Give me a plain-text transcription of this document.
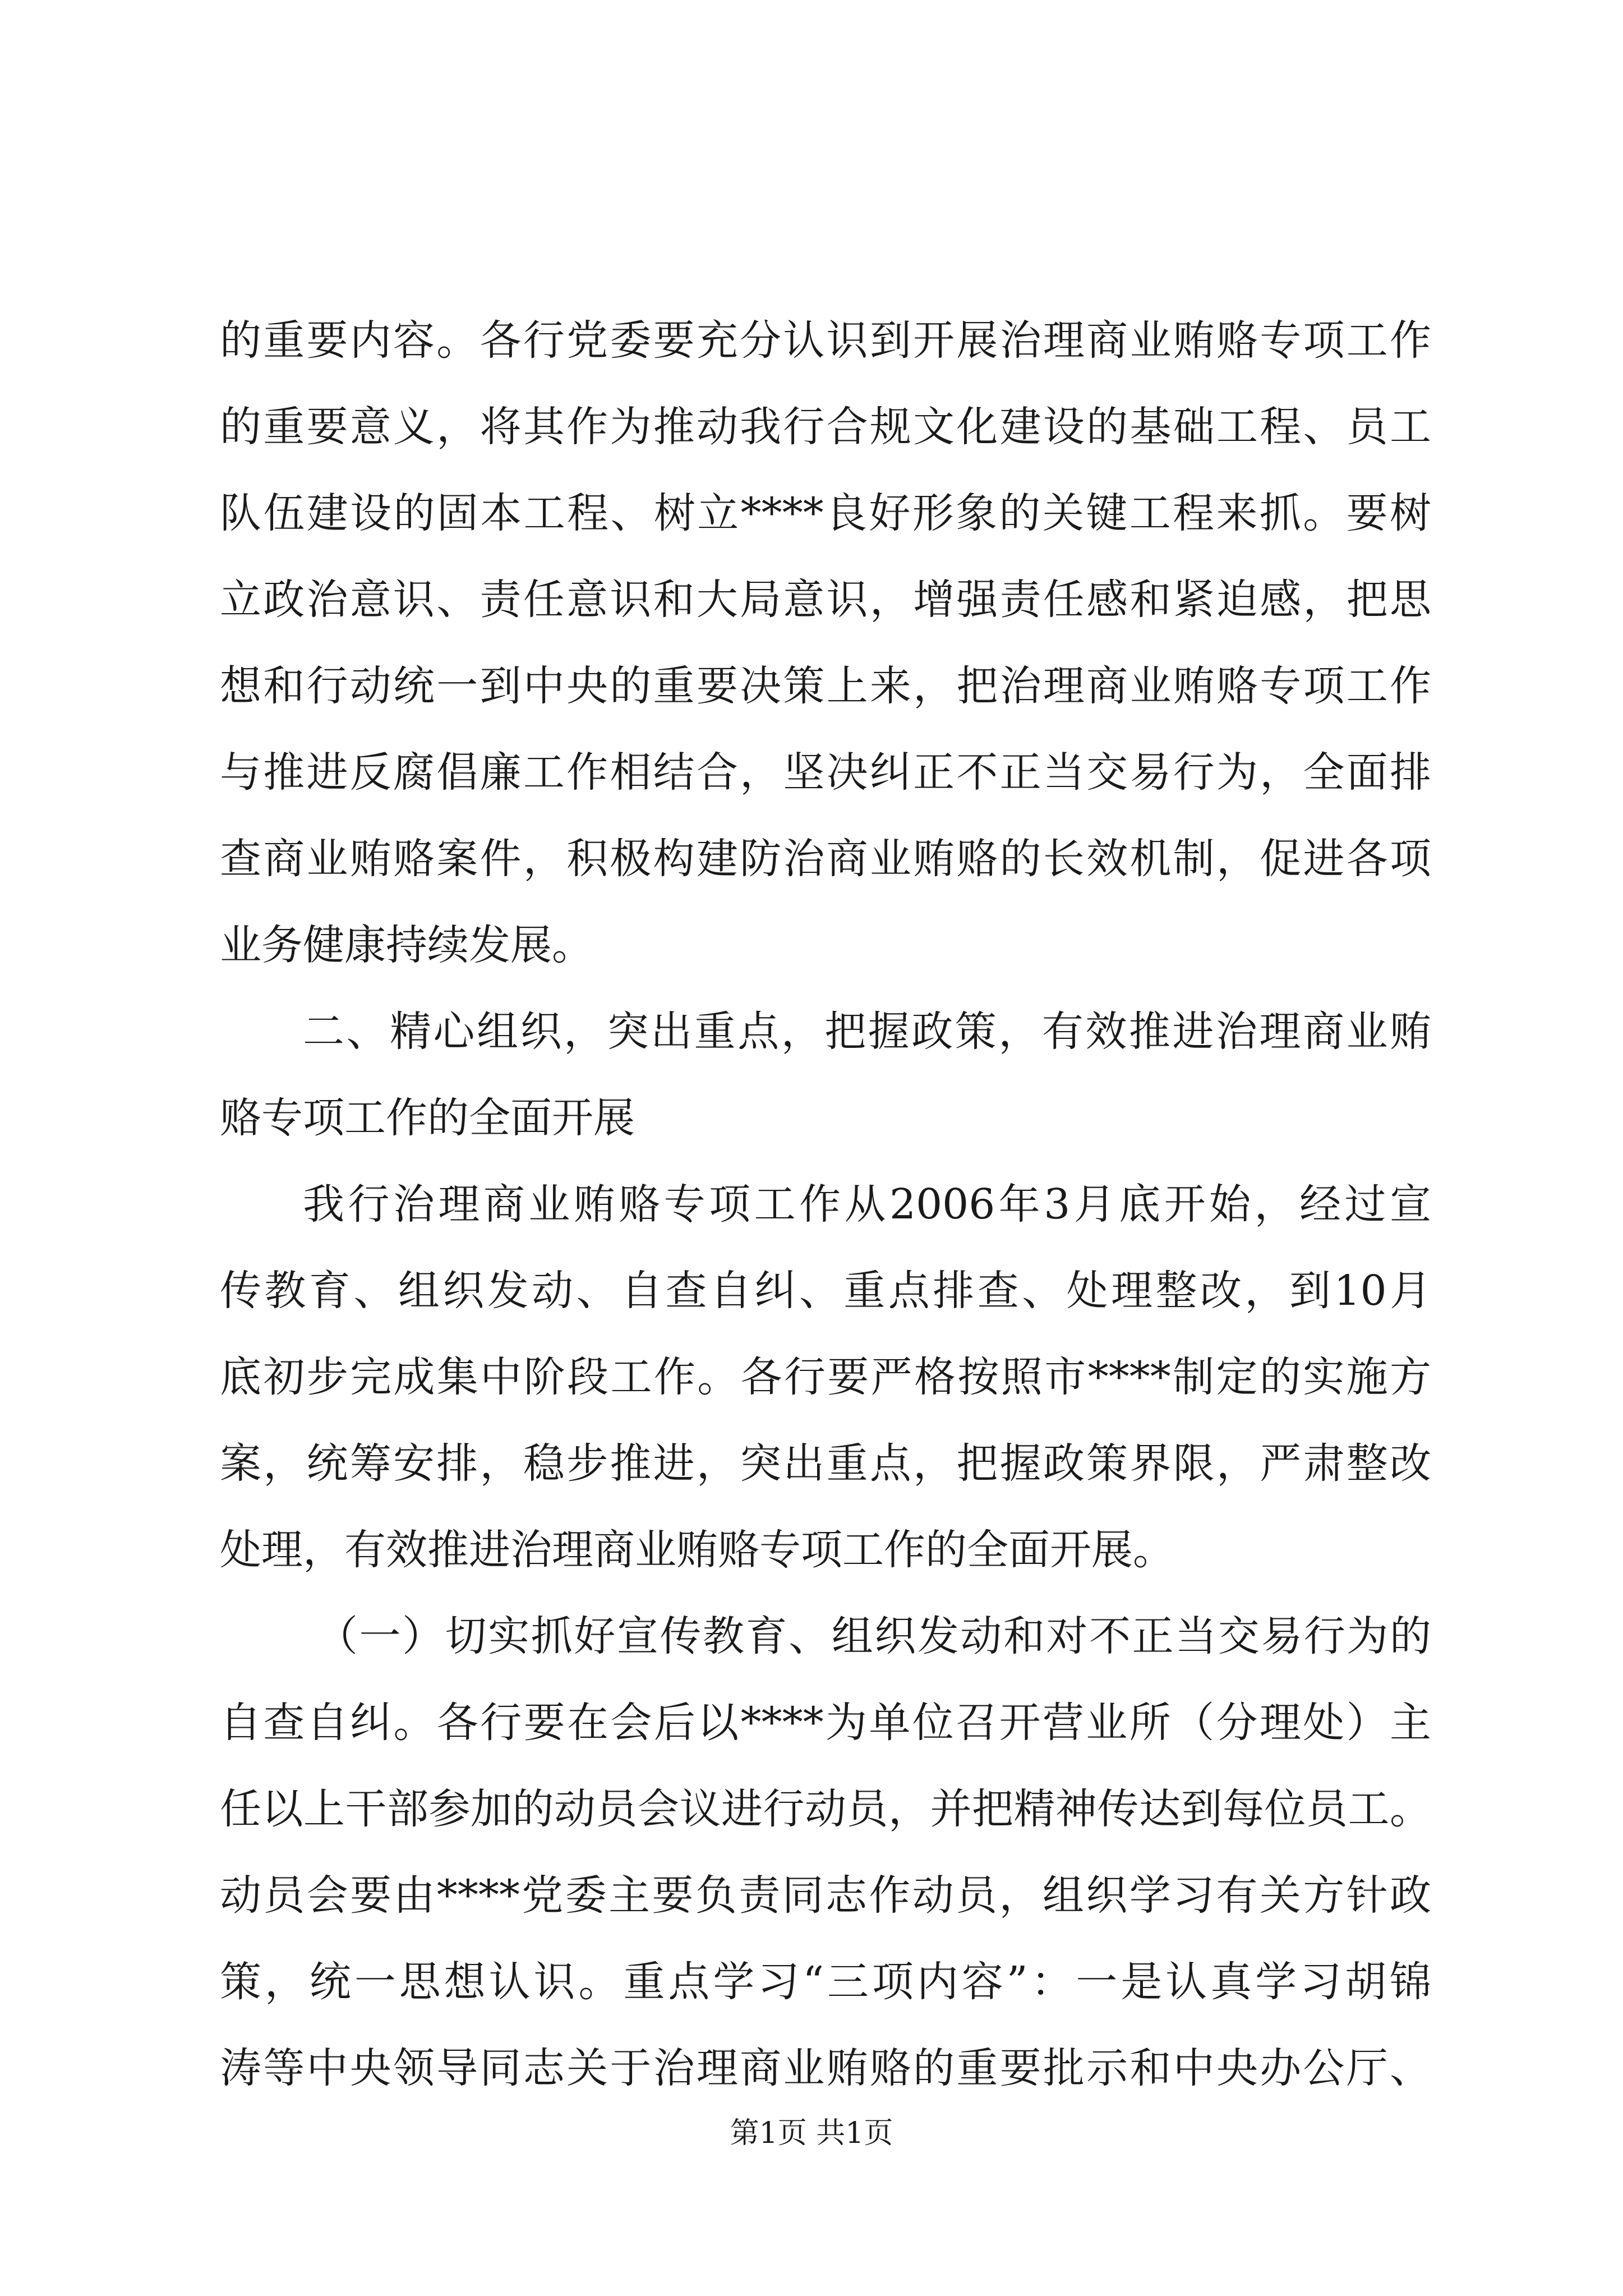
的重要内容。各行党委要充分认识到开展治理商业贿赂专项工作
的重要意义，将其作为推动我行合规文化建设的基础工程、员工
队伍建设的固本工程、树立****良好形象的关键工程来抓。要树
立政治意识、责任意识和大局意识，增强责任感和紧迫感，把思
想和行动统一到中央的重要决策上来，把治理商业贿赂专项工作
与推进反腐倡廉工作相结合，坚决纠正不正当交易行为，全面排
查商业贿赂案件，积极构建防治商业贿赂的长效机制，促进各项
业务健康持续发展。
二、精心组织，突出重点，把握政策，有效推进治理商业贿
赂专项工作的全面开展
我行治理商业贿赂专项工作从2006年3月底开始，经过宣
传教育、组织发动、自查自纠、重点排查、处理整改，到10月
底初步完成集中阶段工作。各行要严格按照市****制定的实施方
案，统筹安排，稳步推进，突出重点，把握政策界限，严肃整改
处理，有效推进治理商业贿赂专项工作的全面开展。
（一）切实抓好宣传教育、组织发动和对不正当交易行为的
自查自纠。各行要在会后以****为单位召开营业所（分理处）主
任以上干部参加的动员会议进行动员，并把精神传达到每位员工。
动员会要由****党委主要负责同志作动员，组织学习有关方针政
策，统一思想认识。重点学习“三项内容”：一是认真学习胡锦
涛等中央领导同志关于治理商业贿赂的重要批示和中央办公厅、
第1页 共1页
